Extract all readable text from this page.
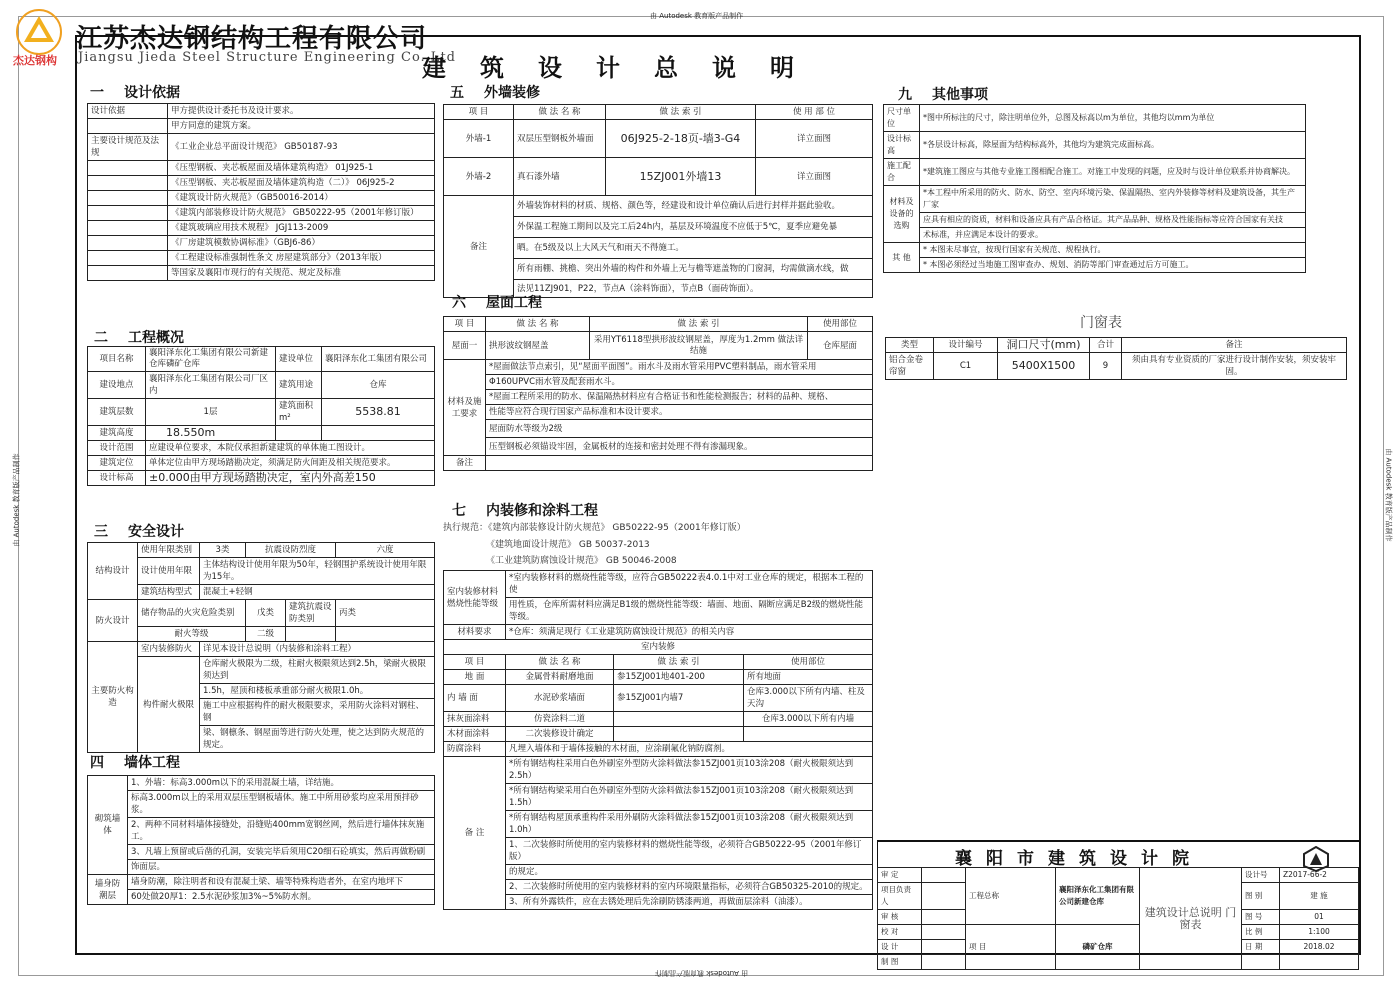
由 Autodesk 教育版产品制作
由 Autodesk 教育版产品制作
由 Autodesk 教育版产品制作	由 Autodesk 教育版产品制作
杰达钢构
江苏杰达钢结构工程有限公司
Jiangsu Jieda Steel Structure Engineering Co.,Ltd
建筑设计总说明
一 设计依据
设计依据	甲方提供设计委托书及设计要求。
	甲方同意的建筑方案。
主要设计规范及法规	《工业企业总平面设计规范》 GB50187-93
	《压型钢板、夹芯板屋面及墙体建筑构造》 01J925-1
	《压型钢板、夹芯板屋面及墙体建筑构造（二）》 06J925-2
	《建筑设计防火规范》（GB50016-2014）
	《建筑内部装修设计防火规范》 GB50222-95（2001年修订版）
	《建筑玻璃应用技术规程》 JGJ113-2009
	《厂房建筑模数协调标准》（GBJ6-86）
	《工程建设标准强制性条文 房屋建筑部分》（2013年版）
	等国家及襄阳市现行的有关规范、规定及标准
二 工程概况
项目名称	襄阳泽东化工集团有限公司新建仓库磷矿仓库	建设单位	襄阳泽东化工集团有限公司
建设地点	襄阳泽东化工集团有限公司厂区内	建筑用途	仓库
建筑层数	1层	建筑面积m²	5538.81
建筑高度	18.550m		
设计范围	应建设单位要求，本院仅承担新建建筑的单体施工图设计。		
建筑定位	单体定位由甲方现场踏勘决定，须满足防火间距及相关规范要求。		
设计标高	±0.000由甲方现场踏勘决定，室内外高差150		
三 安全设计
结构设计	使用年限类别	3类	抗震设防烈度		六度
	设计使用年限	主体结构设计使用年限为50年，轻钢围护系统设计使用年限为15年。			
	建筑结构型式	混凝土+轻钢			
防火设计	储存物品的火灾危险类别		戊类	建筑抗震设防类别	丙类
	耐火等级		二级		
主要防火构造	室内装修防火	详见本设计总说明（内装修和涂料工程）			
	构件耐火极限	仓库耐火极限为二级，柱耐火极限须达到2.5h，梁耐火极限须达到			
		1.5h，屋顶和楼板承重部分耐火极限1.0h。			
		施工中应根据构件的耐火极限要求，采用防火涂料对钢柱、钢			
		梁、钢檩条、钢屋面等进行防火处理，使之达到防火规范的规定。			
四 墙体工程
砌筑墙体	1、外墙：标高3.000m以下的采用混凝土墙，详结施。
	标高3.000m以上的采用双层压型钢板墙体。施工中所用砂浆均应采用预拌砂浆。
	2、两种不同材料墙体接缝处，沿缝贴400mm宽钢丝网，然后进行墙体抹灰施工。
	3、凡墙上预留或后凿的孔洞，安装完毕后须用C20细石砼填实，然后再做粉刷
	饰面层。
墙身防潮层	墙身防潮，除注明者和设有混凝土梁、墙等特殊构造者外，在室内地坪下
	60处做20厚1：2.5水泥砂浆加3%~5%防水剂。
五 外墙装修
项 目	做 法 名 称	做 法 索 引	使 用 部 位
外墙-1	双层压型钢板外墙面	06J925-2-18页-墙3-G4	详立面图
外墙-2	真石漆外墙	15ZJ001外墙13	详立面图
备注	外墙装饰材料的材质、规格、颜色等，经建设和设计单位确认后进行封样并据此验收。		
	外保温工程施工期间以及完工后24h内，基层及环境温度不应低于5℃，夏季应避免暴		
	晒。在5级及以上大风天气和雨天不得施工。		
	所有雨棚、挑檐、突出外墙的构件和外墙上无与檐等遮盖物的门窗洞，均需做滴水线，做		
	法见11ZJ901，P22，节点A（涂料饰面），节点B（面砖饰面）。		
六 屋面工程
项 目	做 法 名 称	做 法 索 引	使用部位
屋面一	拱形波纹钢屋盖	采用YT6118型拱形波纹钢屋盖，厚度为1.2mm 做法详结施	仓库屋面
材料及施工要求	*屋面做法节点索引，见“屋面平面图”。雨水斗及雨水管采用PVC塑料制品，雨水管采用		
	Φ160UPVC雨水管及配套雨水斗。		
	*屋面工程所采用的防水、保温隔热材料应有合格证书和性能检测报告；材料的品种、规格、		
	性能等应符合现行国家产品标准和本设计要求。		
	屋面防水等级为2级		
	压型钢板必须锚设牢固，金属板材的连接和密封处理不得有渗漏现象。		
备注			
七 内装修和涂料工程
执行规范：《建筑内部装修设计防火规范》 GB50222-95（2001年修订版）
《建筑地面设计规范》 GB 50037-2013
《工业建筑防腐蚀设计规范》 GB 50046-2008
室内装修材料燃烧性能等级	*室内装修材料的燃烧性能等级，应符合GB50222表4.0.1中对工业仓库的规定，根据本工程的使		
	用性质，仓库所需材料应满足B1级的燃烧性能等级：墙面、地面、隔断应满足B2级的燃烧性能等级。		
材料要求	*仓库：须满足现行《工业建筑防腐蚀设计规范》的相关内容		
室内装修			
项 目	做 法 名 称	做 法 索 引	使用部位
地 面	金属骨料耐磨地面	参15ZJ001地401-200	所有地面
内 墙 面	水泥砂浆墙面	参15ZJ001内墙7	仓库3.000以下所有内墙、柱及天沟
抹灰面涂料	仿瓷涂料二道		仓库3.000以下所有内墙
木材面涂料	二次装修设计确定		
防腐涂料	凡埋入墙体和于墙体接触的木材面，应涂刷氟化钠防腐剂。		
备 注	*所有钢结构柱采用白色外刷室外型防火涂料做法参15ZJ001页103涂208（耐火极限须达到2.5h）		
	*所有钢结构梁采用白色外刷室外型防火涂料做法参15ZJ001页103涂208（耐火极限须达到1.5h）		
	*所有钢结构屋顶承重构件采用外刷防火涂料做法参15ZJ001页103涂208（耐火极限须达到1.0h）		
	1、二次装修时所使用的室内装修材料的燃烧性能等级，必须符合GB50222-95（2001年修订版）		
	的规定。		
	2、二次装修时所使用的室内装修材料的室内环境限量指标，必须符合GB50325-2010的规定。		
	3、所有外露铁件，应在去锈处理后先涂刷防锈漆两道，再做面层涂料（油漆）。		
九 其他事项
尺寸单位	*图中所标注的尺寸，除注明单位外，总图及标高以m为单位，其他均以mm为单位
设计标高	*各层设计标高，除屋面为结构标高外，其他均为建筑完成面标高。
施工配合	*建筑施工图应与其他专业施工图相配合施工。对施工中发现的问题，应及时与设计单位联系并协商解决。
材料及设备的选购	*本工程中所采用的防火、防水、防空、室内环境污染、保温隔热、室内外装修等材料及建筑设备，其生产厂家
	应具有相应的资质，材料和设备应具有产品合格证。其产品品种、规格及性能指标等应符合国家有关技
	术标准，并应满足本设计的要求。
其 他	* 本图未尽事宜，按现行国家有关规范、规程执行。
	* 本图必须经过当地施工图审查办、规划、消防等部门审查通过后方可施工。
门窗表
类型	设计编号	洞口尺寸(mm)	合计	备注
铝合金卷帘窗	C1	5400X1500	9	须由具有专业资质的厂家进行设计制作安装，须安装牢固。
襄阳市建筑设计院
审 定		工程总称	襄阳泽东化工集团有限公司新建仓库	建筑设计总说明 门窗表	设计号	Z2017-66-2
项目负责人					图 别	建 施
审 核					图 号	01
校 对		项 目	磷矿仓库		比 例	1:100
设 计					日 期	2018.02
制 图						
